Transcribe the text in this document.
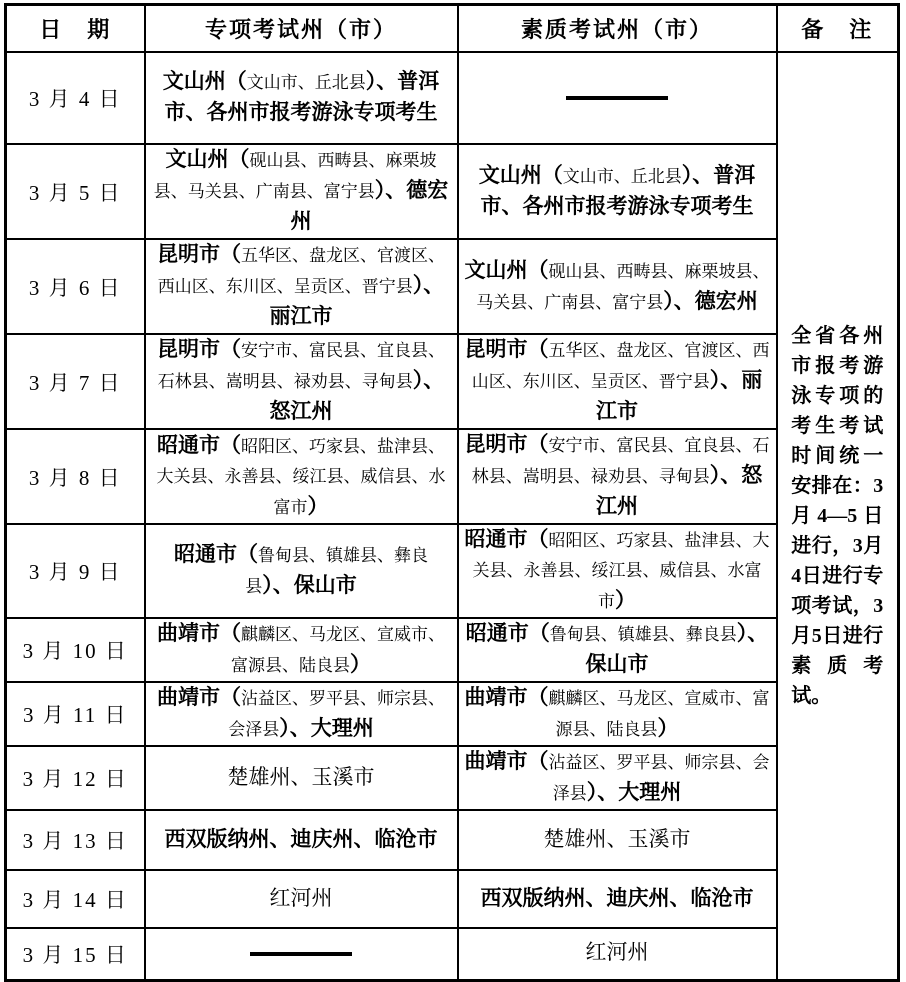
日　期	专项考试州（市）	素质考试州（市）	备　注
3 月 4 日	文山州（文山市、丘北县）、普洱市、各州市报考游泳专项考生		全省各州市报考游泳专项的考生考试时间统一安排在：3月4—5日进行，3月4日进行专项考试，3月5日进行素质考试。

3 月 5 日	文山州（砚山县、西畴县、麻栗坡县、马关县、广南县、富宁县）、德宏州	文山州（文山市、丘北县）、普洱市、各州市报考游泳专项考生	
3 月 6 日	昆明市（五华区、盘龙区、官渡区、西山区、东川区、呈贡区、晋宁县）、丽江市	文山州（砚山县、西畴县、麻栗坡县、马关县、广南县、富宁县）、德宏州	
3 月 7 日	昆明市（安宁市、富民县、宜良县、石林县、嵩明县、禄劝县、寻甸县）、怒江州	昆明市（五华区、盘龙区、官渡区、西山区、东川区、呈贡区、晋宁县）、丽江市	
3 月 8 日	昭通市（昭阳区、巧家县、盐津县、大关县、永善县、绥江县、威信县、水富市）	昆明市（安宁市、富民县、宜良县、石林县、嵩明县、禄劝县、寻甸县）、怒江州	
3 月 9 日	昭通市（鲁甸县、镇雄县、彝良县）、保山市	昭通市（昭阳区、巧家县、盐津县、大关县、永善县、绥江县、威信县、水富市）	
3 月 10 日	曲靖市（麒麟区、马龙区、宣威市、富源县、陆良县）	昭通市（鲁甸县、镇雄县、彝良县）、保山市	
3 月 11 日	曲靖市（沾益区、罗平县、师宗县、会泽县）、大理州	曲靖市（麒麟区、马龙区、宣威市、富源县、陆良县）	
3 月 12 日	楚雄州、玉溪市	曲靖市（沾益区、罗平县、师宗县、会泽县）、大理州	
3 月 13 日	西双版纳州、迪庆州、临沧市	楚雄州、玉溪市	
3 月 14 日	红河州	西双版纳州、迪庆州、临沧市	
3 月 15 日		红河州	
